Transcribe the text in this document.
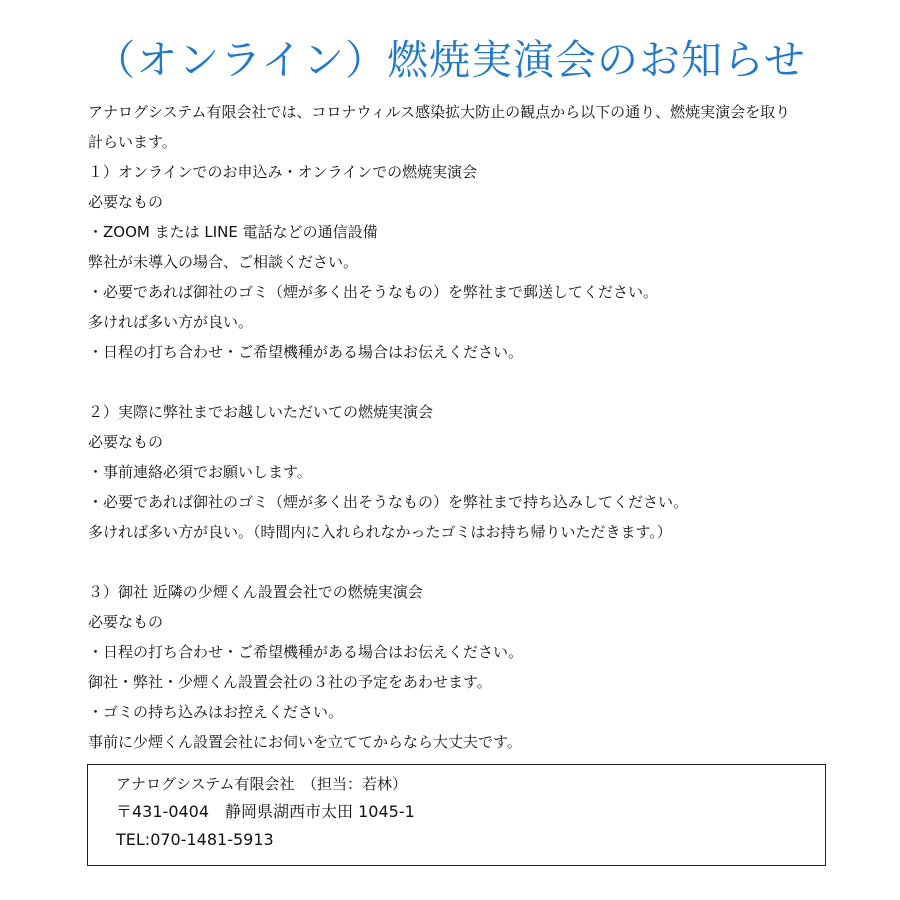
（オンライン）燃焼実演会のお知らせ
アナログシステム有限会社では、コロナウィルス感染拡大防止の観点から以下の通り、燃焼実演会を取り
計らいます。
１）オンラインでのお申込み・オンラインでの燃焼実演会
必要なもの
・ZOOM または LINE 電話などの通信設備
弊社が未導入の場合、ご相談ください。
・必要であれば御社のゴミ（煙が多く出そうなもの）を弊社まで郵送してください。
多ければ多い方が良い。
・日程の打ち合わせ・ご希望機種がある場合はお伝えください。
２）実際に弊社までお越しいただいての燃焼実演会
必要なもの
・事前連絡必須でお願いします。
・必要であれば御社のゴミ（煙が多く出そうなもの）を弊社まで持ち込みしてください。
多ければ多い方が良い。（時間内に入れられなかったゴミはお持ち帰りいただきます。）
３）御社 近隣の少煙くん設置会社での燃焼実演会
必要なもの
・日程の打ち合わせ・ご希望機種がある場合はお伝えください。
御社・弊社・少煙くん設置会社の３社の予定をあわせます。
・ゴミの持ち込みはお控えください。
事前に少煙くん設置会社にお伺いを立ててからなら大丈夫です。
アナログシステム有限会社　（担当：若林）
〒431-0404　静岡県湖西市太田 1045-1
TEL:070-1481-5913
